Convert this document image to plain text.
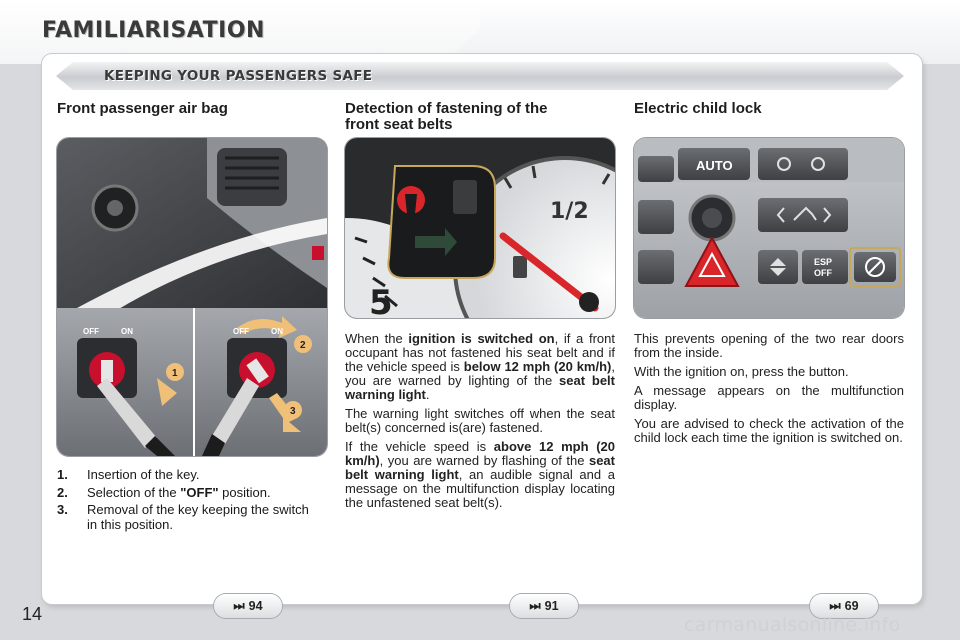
FAMILIARISATION
KEEPING YOUR PASSENGERS SAFE
Front passenger air bag
OFF	ON
1
OFF	ON
2
3
1.	Insertion of the key.
2.	Selection of the "OFF" position.
3.	Removal of the key keeping the switch in this position.
Detection of fastening of the
front seat belts
5
1/2

When the ignition is switched on, if a front occupant has not fastened his seat belt and if the vehicle speed is below 12 mph (20 km/h), you are warned by lighting of the seat belt warning light.

The warning light switches off when the seat belt(s) concerned is(are) fastened.

If the vehicle speed is above 12 mph (20 km/h), you are warned by flashing of the seat belt warning light, an audible signal and a message on the multifunction display locating the unfastened seat belt(s).

Electric child lock
AUTO
ESP
OFF

This prevents opening of the two rear doors from the inside.

With the ignition on, press the button.

A message appears on the multifunction display.

You are advised to check the activation of the child lock each time the ignition is switched on.

⏭ 94	⏭ 91	⏭ 69
14	carmanualsonline.info
